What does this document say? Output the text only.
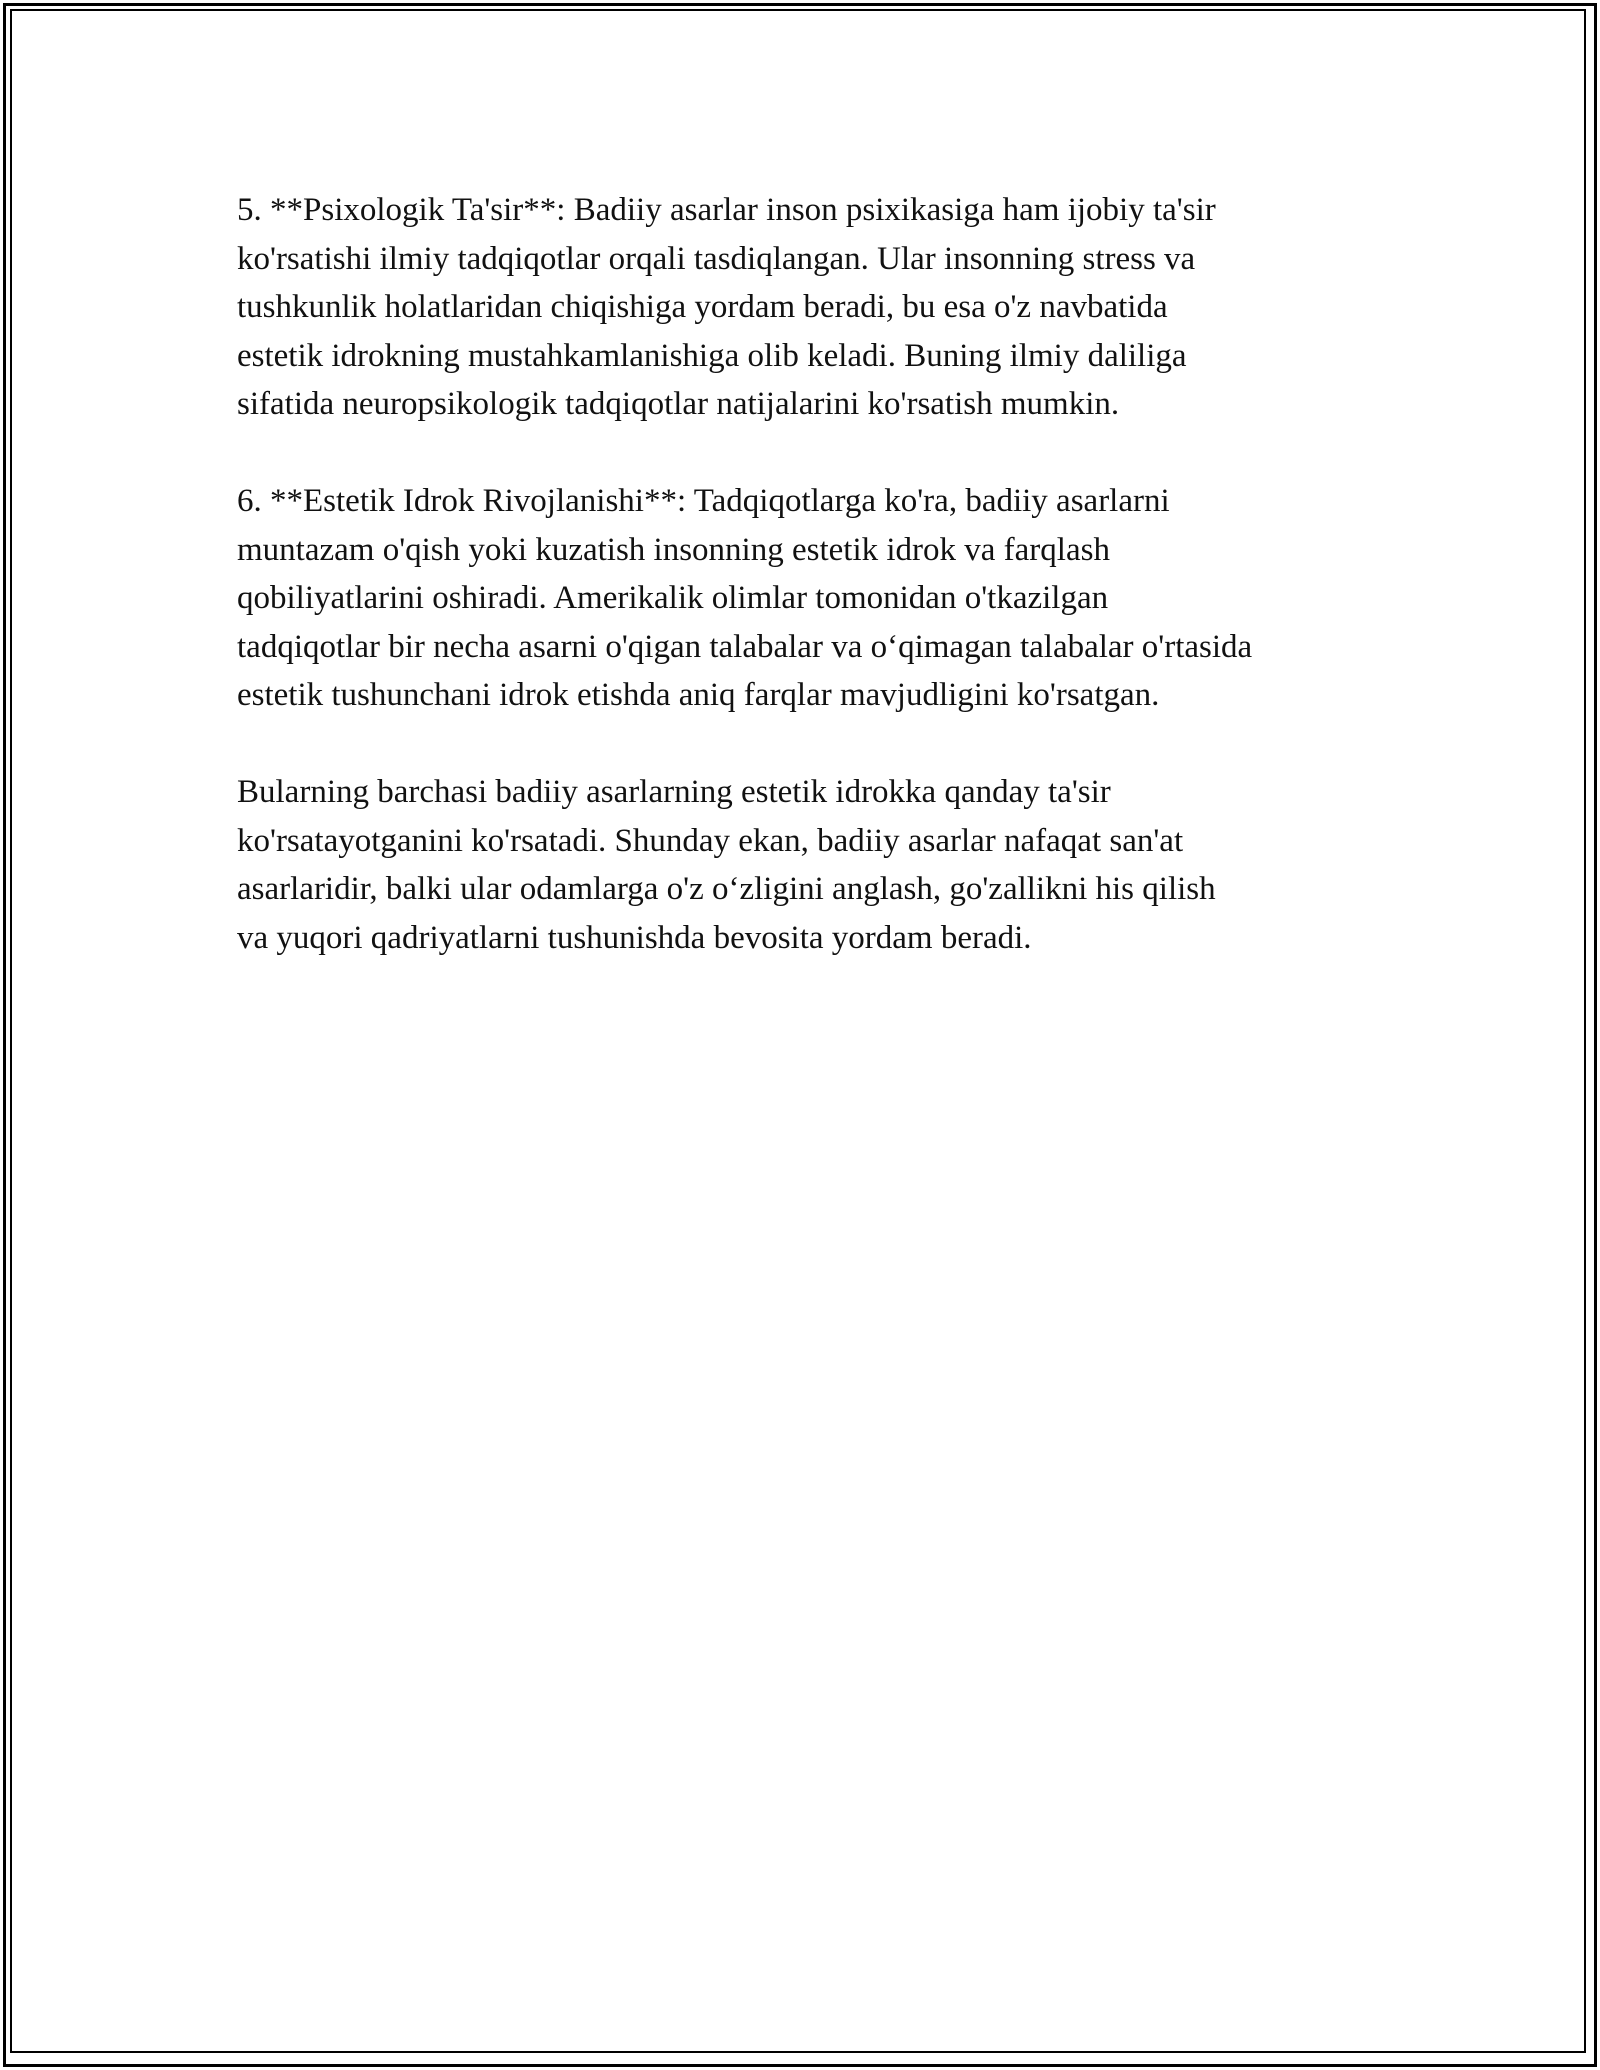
5. **Psixologik Ta'sir**: Badiiy asarlar inson psixikasiga ham ijobiy ta'sir
ko'rsatishi ilmiy tadqiqotlar orqali tasdiqlangan. Ular insonning stress va
tushkunlik holatlaridan chiqishiga yordam beradi, bu esa o'z navbatida
estetik idrokning mustahkamlanishiga olib keladi. Buning ilmiy daliliga
sifatida neuropsikologik tadqiqotlar natijalarini ko'rsatish mumkin.

6. **Estetik Idrok Rivojlanishi**: Tadqiqotlarga ko'ra, badiiy asarlarni
muntazam o'qish yoki kuzatish insonning estetik idrok va farqlash
qobiliyatlarini oshiradi. Amerikalik olimlar tomonidan o'tkazilgan
tadqiqotlar bir necha asarni o'qigan talabalar va o‘qimagan talabalar o'rtasida
estetik tushunchani idrok etishda aniq farqlar mavjudligini ko'rsatgan.

Bularning barchasi badiiy asarlarning estetik idrokka qanday ta'sir
ko'rsatayotganini ko'rsatadi. Shunday ekan, badiiy asarlar nafaqat san'at
asarlaridir, balki ular odamlarga o'z o‘zligini anglash, go'zallikni his qilish
va yuqori qadriyatlarni tushunishda bevosita yordam beradi.
